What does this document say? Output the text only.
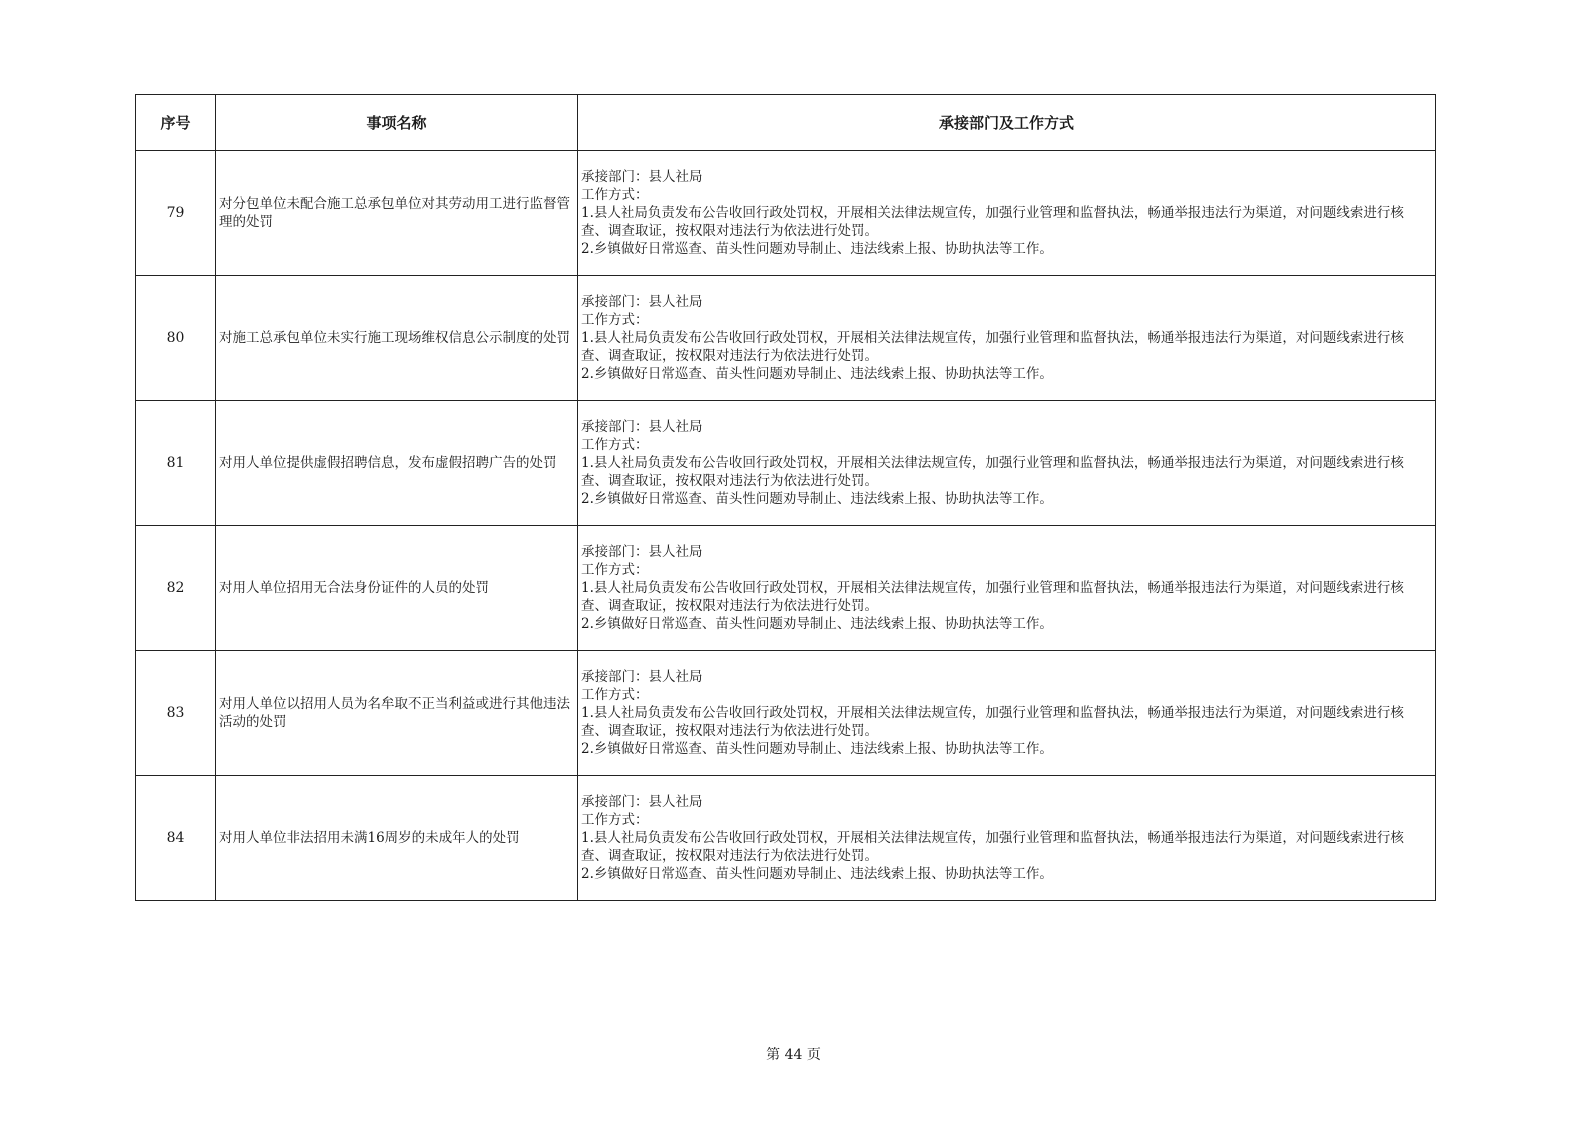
序号	事项名称	承接部门及工作方式
79	对分包单位未配合施工总承包单位对其劳动用工进行监督管理的处罚	承接部门：县人社局
工作方式：
1.县人社局负责发布公告收回行政处罚权，开展相关法律法规宣传，加强行业管理和监督执法，畅通举报违法行为渠道，对问题线索进行核查、调查取证，按权限对违法行为依法进行处罚。
2.乡镇做好日常巡查、苗头性问题劝导制止、违法线索上报、协助执法等工作。

80	对施工总承包单位未实行施工现场维权信息公示制度的处罚	承接部门：县人社局
工作方式：
1.县人社局负责发布公告收回行政处罚权，开展相关法律法规宣传，加强行业管理和监督执法，畅通举报违法行为渠道，对问题线索进行核查、调查取证，按权限对违法行为依法进行处罚。
2.乡镇做好日常巡查、苗头性问题劝导制止、违法线索上报、协助执法等工作。

81	对用人单位提供虚假招聘信息，发布虚假招聘广告的处罚	承接部门：县人社局
工作方式：
1.县人社局负责发布公告收回行政处罚权，开展相关法律法规宣传，加强行业管理和监督执法，畅通举报违法行为渠道，对问题线索进行核查、调查取证，按权限对违法行为依法进行处罚。
2.乡镇做好日常巡查、苗头性问题劝导制止、违法线索上报、协助执法等工作。

82	对用人单位招用无合法身份证件的人员的处罚	承接部门：县人社局
工作方式：
1.县人社局负责发布公告收回行政处罚权，开展相关法律法规宣传，加强行业管理和监督执法，畅通举报违法行为渠道，对问题线索进行核查、调查取证，按权限对违法行为依法进行处罚。
2.乡镇做好日常巡查、苗头性问题劝导制止、违法线索上报、协助执法等工作。

83	对用人单位以招用人员为名牟取不正当利益或进行其他违法活动的处罚	承接部门：县人社局
工作方式：
1.县人社局负责发布公告收回行政处罚权，开展相关法律法规宣传，加强行业管理和监督执法，畅通举报违法行为渠道，对问题线索进行核查、调查取证，按权限对违法行为依法进行处罚。
2.乡镇做好日常巡查、苗头性问题劝导制止、违法线索上报、协助执法等工作。

84	对用人单位非法招用未满16周岁的未成年人的处罚	承接部门：县人社局
工作方式：
1.县人社局负责发布公告收回行政处罚权，开展相关法律法规宣传，加强行业管理和监督执法，畅通举报违法行为渠道，对问题线索进行核查、调查取证，按权限对违法行为依法进行处罚。
2.乡镇做好日常巡查、苗头性问题劝导制止、违法线索上报、协助执法等工作。
第 44 页
